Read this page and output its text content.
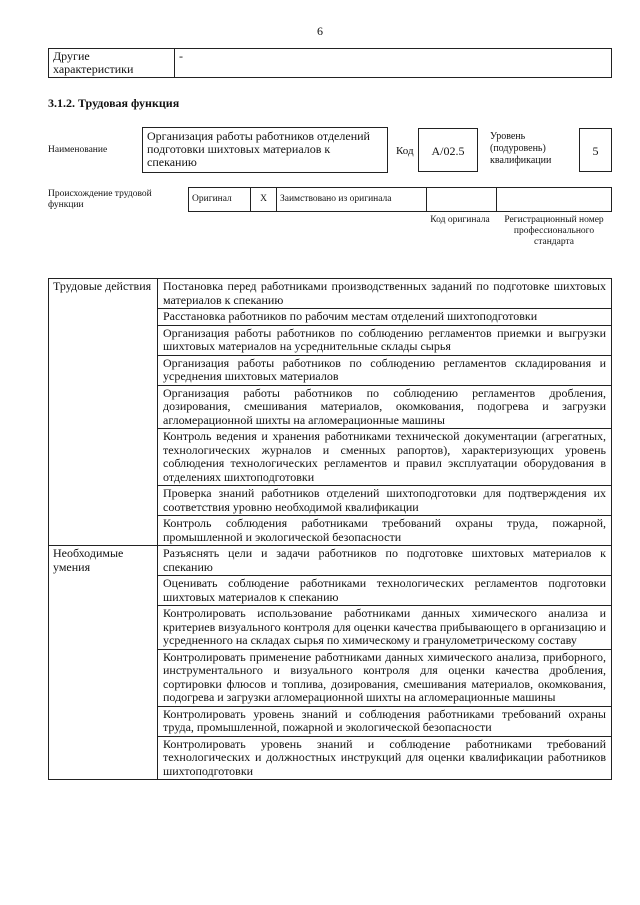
6
Другие характеристики	-
3.1.2. Трудовая функция
Наименование
Организация работы работников отделений подготовки шихтовых материалов к спеканию
Код	А/02.5
Уровень (подуровень) квалификации
5
Происхождение трудовой функции
Оригинал	X	Заимствовано из оригинала		
Код оригинала	Регистрационный номер профессионального стандарта
Трудовые действия	Постановка перед работниками производственных заданий по подготовке шихтовых материалов к спеканию
	Расстановка работников по рабочим местам отделений шихтоподготовки
	Организация работы работников по соблюдению регламентов приемки и выгрузки шихтовых материалов на усреднительные склады сырья
	Организация работы работников по соблюдению регламентов складирования и усреднения шихтовых материалов
	Организация работы работников по соблюдению регламентов дробления, дозирования, смешивания материалов, окомкования, подогрева и загрузки агломерационной шихты на агломерационные машины
	Контроль ведения и хранения работниками технической документации (агрегатных, технологических журналов и сменных рапортов), характеризующих уровень соблюдения технологических регламентов и правил эксплуатации оборудования в отделениях шихтоподготовки
	Проверка знаний работников отделений шихтоподготовки для подтверждения их соответствия уровню необходимой квалификации
	Контроль соблюдения работниками требований охраны труда, пожарной, промышленной и экологической безопасности
Необходимые умения	Разъяснять цели и задачи работников по подготовке шихтовых материалов к спеканию
	Оценивать соблюдение работниками технологических регламентов подготовки шихтовых материалов к спеканию
	Контролировать использование работниками данных химического анализа и критериев визуального контроля для оценки качества прибывающего в организацию и усредненного на складах сырья по химическому и гранулометрическому составу
	Контролировать применение работниками данных химического анализа, приборного, инструментального и визуального контроля для оценки качества дробления, сортировки флюсов и топлива, дозирования, смешивания материалов, окомкования, подогрева и загрузки агломерационной шихты на агломерационные машины
	Контролировать уровень знаний и соблюдения работниками требований охраны труда, промышленной, пожарной и экологической безопасности
	Контролировать уровень знаний и соблюдение работниками требований технологических и должностных инструкций для оценки квалификации работников шихтоподготовки
